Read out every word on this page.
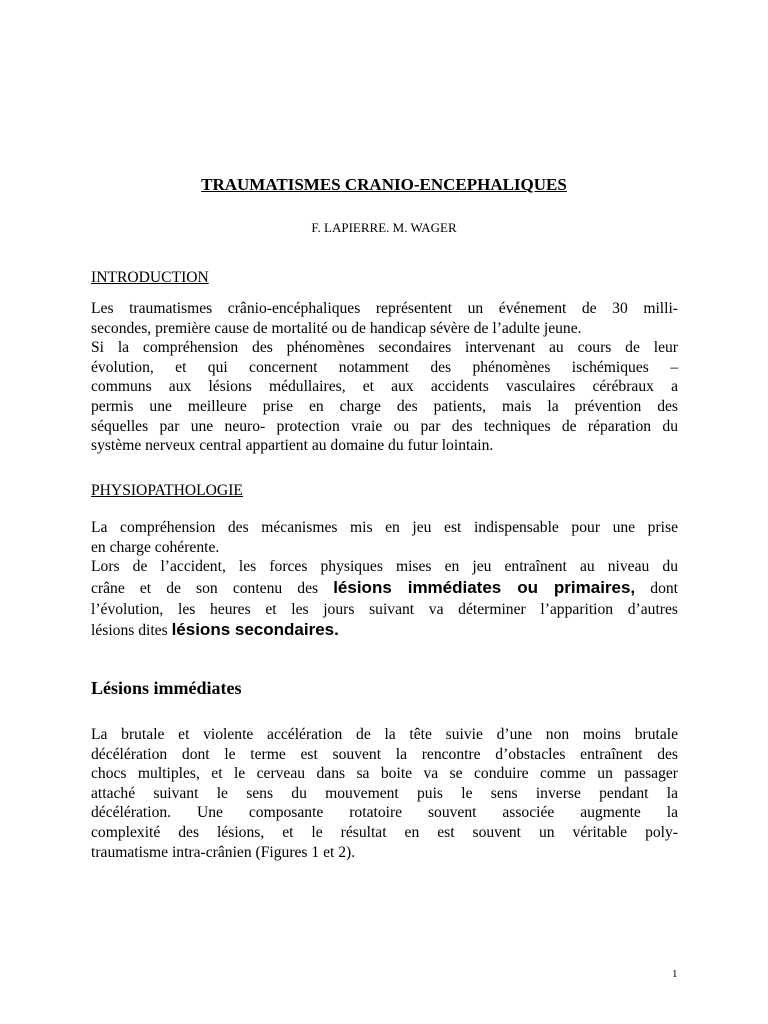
TRAUMATISMES CRANIO-ENCEPHALIQUES
F. LAPIERRE. M. WAGER
INTRODUCTION
Les traumatismes crânio-encéphaliques représentent un événement de 30 milli-
secondes, première cause de mortalité ou de handicap sévère de l’adulte jeune.
Si la compréhension des phénomènes secondaires intervenant au cours de leur
évolution, et qui concernent notamment des phénomènes ischémiques –
communs aux lésions médullaires, et aux accidents vasculaires cérébraux a
permis une meilleure prise en charge des patients, mais la prévention des
séquelles par une neuro- protection vraie ou par des techniques de réparation du
système nerveux central appartient au domaine du futur lointain.
PHYSIOPATHOLOGIE
La compréhension des mécanismes mis en jeu est indispensable pour une prise
en charge cohérente.
Lors de l’accident, les forces physiques mises en jeu entraînent au niveau du
crâne et de son contenu des lésions immédiates ou primaires, dont
l’évolution, les heures et les jours suivant va déterminer l’apparition d’autres
lésions dites lésions secondaires.
Lésions immédiates
La brutale et violente accélération de la tête suivie d’une non moins brutale
décélération dont le terme est souvent la rencontre d’obstacles entraînent des
chocs multiples, et le cerveau dans sa boite va se conduire comme un passager
attaché suivant le sens du mouvement puis le sens inverse pendant la
décélération. Une composante rotatoire souvent associée augmente la
complexité des lésions, et le résultat en est souvent un véritable poly-
traumatisme intra-crânien (Figures 1 et 2).
1
